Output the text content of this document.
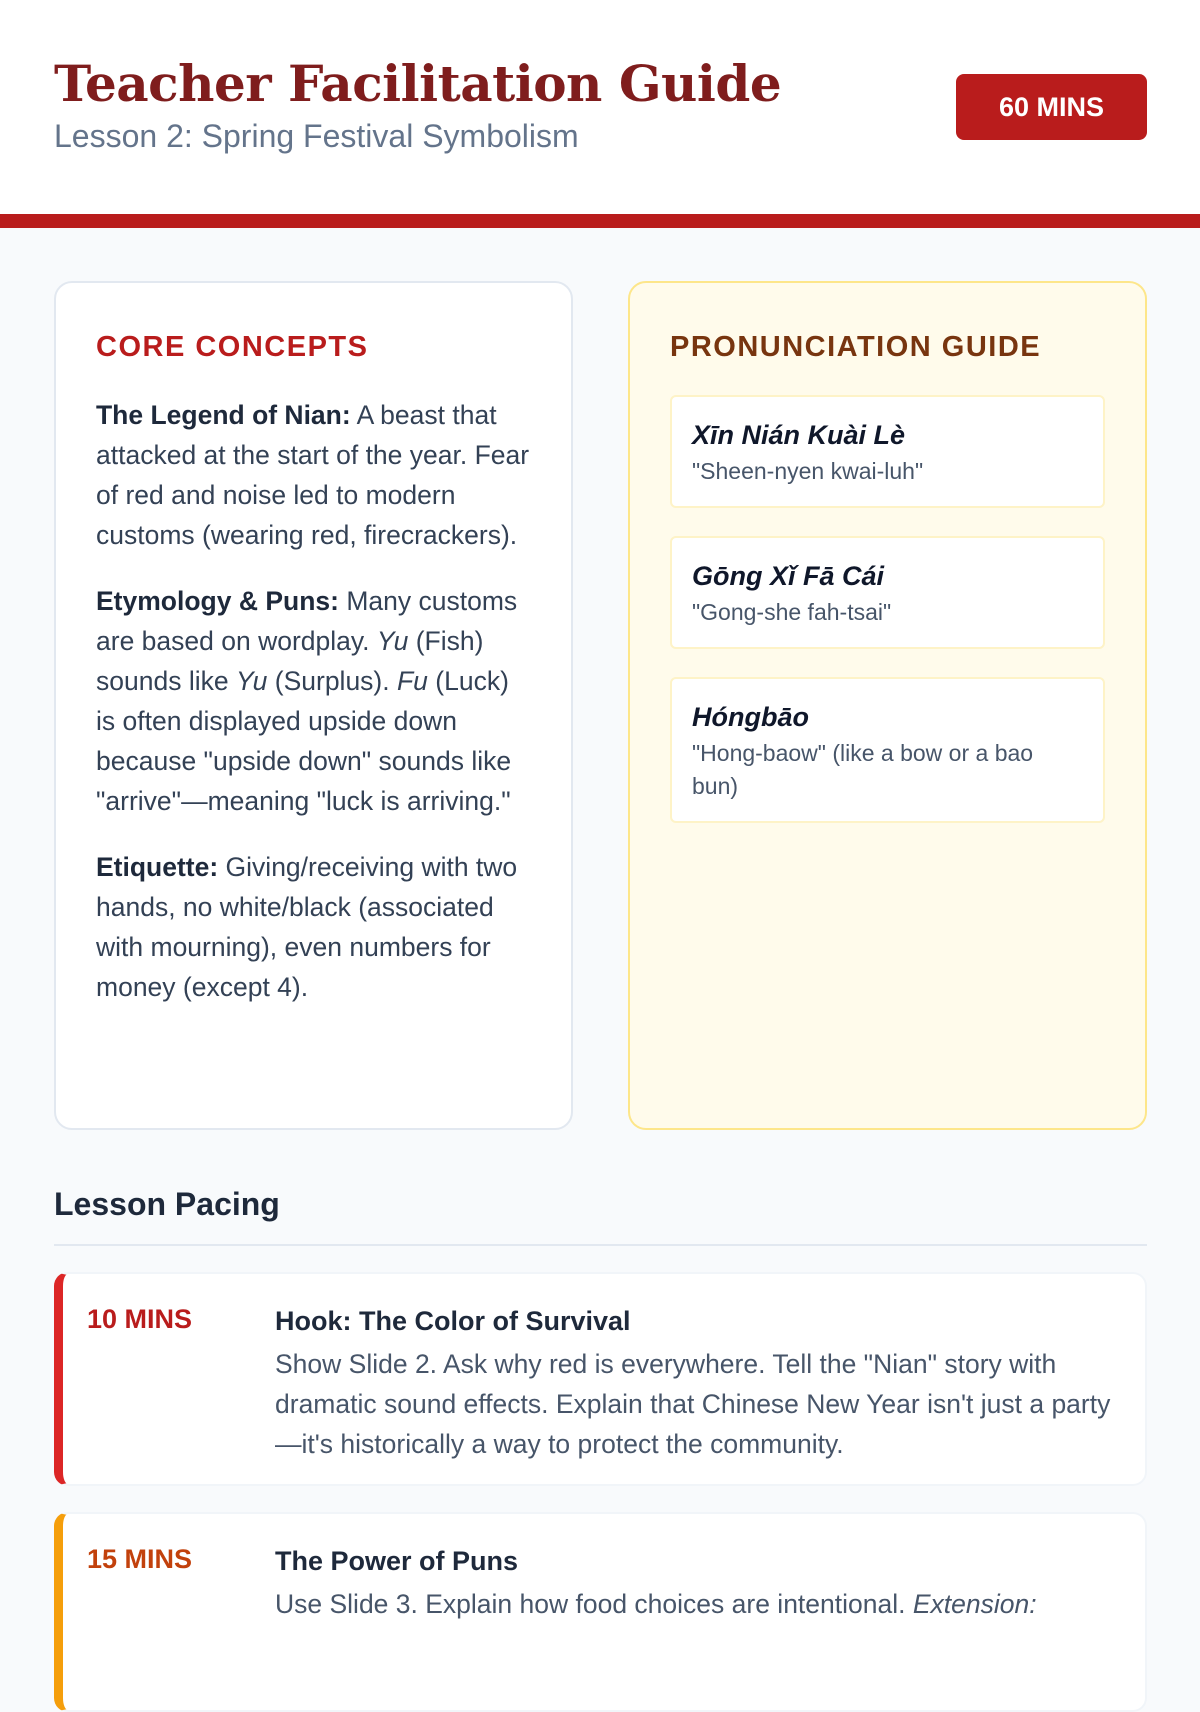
Teacher Facilitation Guide
Lesson 2: Spring Festival Symbolism
60 MINS
CORE CONCEPTS

The Legend of Nian: A beast that attacked at the start of the year. Fear of red and noise led to modern customs (wearing red, firecrackers).

Etymology & Puns: Many customs are based on wordplay. Yu (Fish) sounds like Yu (Surplus). Fu (Luck) is often displayed upside down because "upside down" sounds like "arrive"—meaning "luck is arriving."

Etiquette: Giving/receiving with two hands, no white/black (associated with mourning), even numbers for money (except 4).

PRONUNCIATION GUIDE
Xīn Nián Kuài Lè
"Sheen-nyen kwai-luh"
Gōng Xǐ Fā Cái
"Gong-she fah-tsai"
Hóngbāo
"Hong-baow" (like a bow or a bao bun)
Lesson Pacing
10 MINS	Hook: The Color of Survival
Show Slide 2. Ask why red is everywhere. Tell the "Nian" story with dramatic sound effects. Explain that Chinese New Year isn't just a party—it's historically a way to protect the community.
15 MINS	The Power of Puns
Use Slide 3. Explain how food choices are intentional. Extension:
